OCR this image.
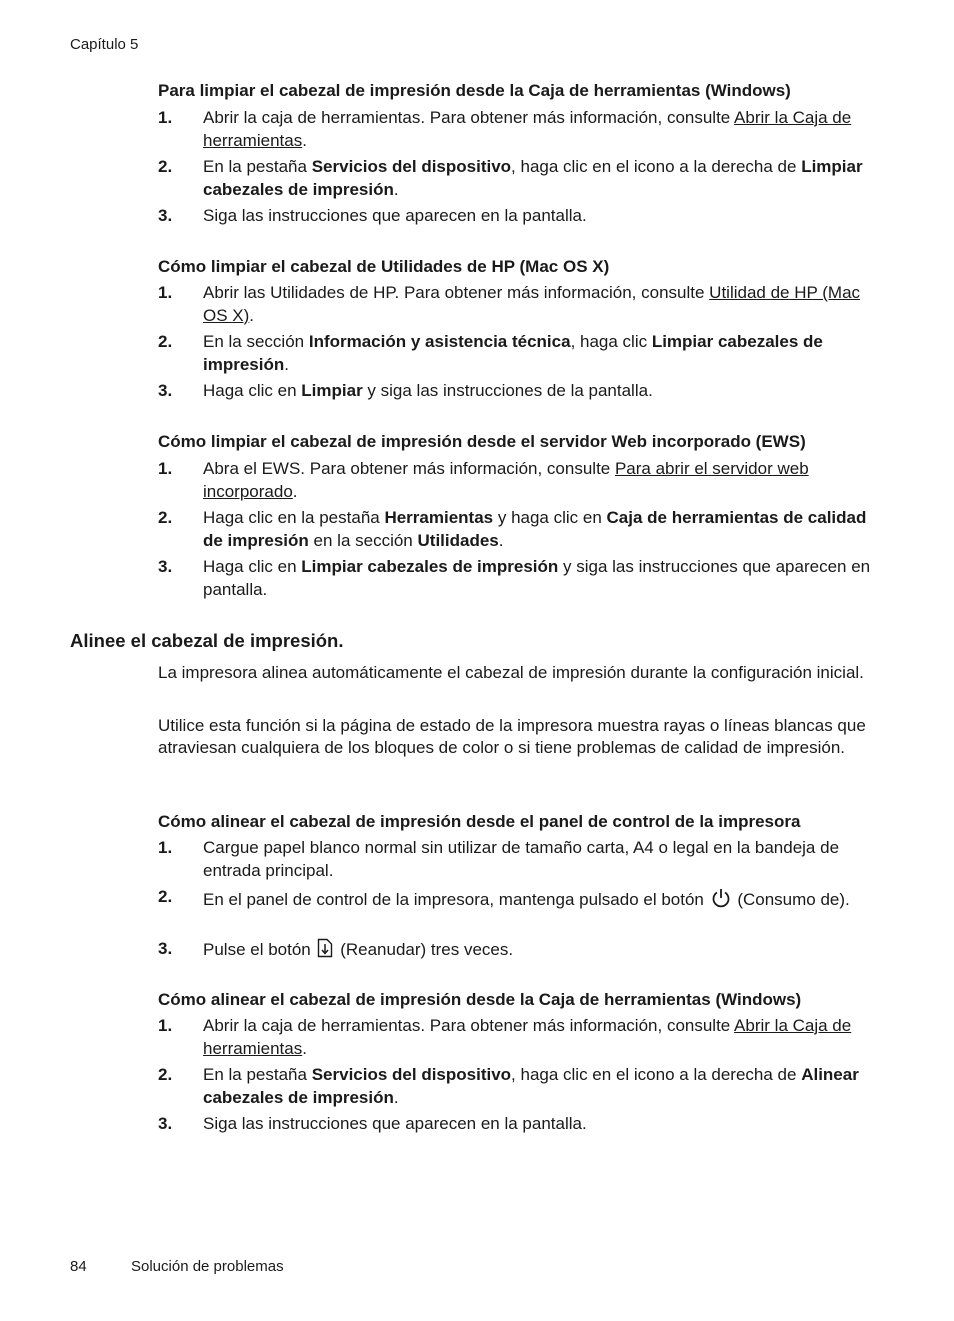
Capítulo 5
Para limpiar el cabezal de impresión desde la Caja de herramientas (Windows)
1. Abrir la caja de herramientas. Para obtener más información, consulte Abrir la Caja de herramientas.
2. En la pestaña Servicios del dispositivo, haga clic en el icono a la derecha de Limpiar cabezales de impresión.
3. Siga las instrucciones que aparecen en la pantalla.
Cómo limpiar el cabezal de Utilidades de HP (Mac OS X)
1. Abrir las Utilidades de HP. Para obtener más información, consulte Utilidad de HP (Mac OS X).
2. En la sección Información y asistencia técnica, haga clic Limpiar cabezales de impresión.
3. Haga clic en Limpiar y siga las instrucciones de la pantalla.
Cómo limpiar el cabezal de impresión desde el servidor Web incorporado (EWS)
1. Abra el EWS. Para obtener más información, consulte Para abrir el servidor web incorporado.
2. Haga clic en la pestaña Herramientas y haga clic en Caja de herramientas de calidad de impresión en la sección Utilidades.
3. Haga clic en Limpiar cabezales de impresión y siga las instrucciones que aparecen en pantalla.
Alinee el cabezal de impresión.
La impresora alinea automáticamente el cabezal de impresión durante la configuración inicial.
Utilice esta función si la página de estado de la impresora muestra rayas o líneas blancas que atraviesan cualquiera de los bloques de color o si tiene problemas de calidad de impresión.
Cómo alinear el cabezal de impresión desde el panel de control de la impresora
1. Cargue papel blanco normal sin utilizar de tamaño carta, A4 o legal en la bandeja de entrada principal.
2. En el panel de control de la impresora, mantenga pulsado el botón  (Consumo de).
3. Pulse el botón  (Reanudar) tres veces.
Cómo alinear el cabezal de impresión desde la Caja de herramientas (Windows)
1. Abrir la caja de herramientas. Para obtener más información, consulte Abrir la Caja de herramientas.
2. En la pestaña Servicios del dispositivo, haga clic en el icono a la derecha de Alinear cabezales de impresión.
3. Siga las instrucciones que aparecen en la pantalla.
84	Solución de problemas
